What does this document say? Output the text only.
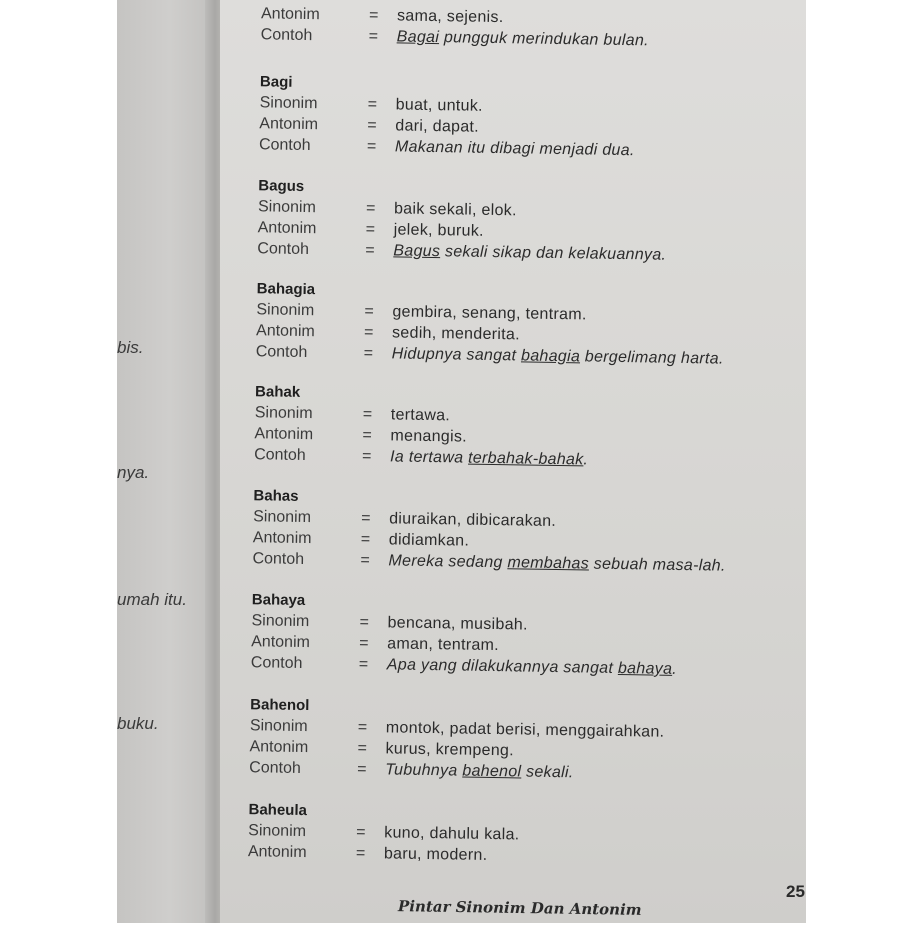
bis.
nya.
umah itu.
buku.
Antonim	= sama, sejenis.
Contoh	= Bagai pungguk merindukan bulan.
Bagi
Sinonim	= buat, untuk.
Antonim	= dari, dapat.
Contoh	= Makanan itu dibagi menjadi dua.
Bagus
Sinonim	= baik sekali, elok.
Antonim	= jelek, buruk.
Contoh	= Bagus sekali sikap dan kelakuannya.
Bahagia
Sinonim	= gembira, senang, tentram.
Antonim	= sedih, menderita.
Contoh	= Hidupnya sangat bahagia bergelimang harta.
Bahak
Sinonim	= tertawa.
Antonim	= menangis.
Contoh	= Ia tertawa terbahak-bahak.
Bahas
Sinonim	= diuraikan, dibicarakan.
Antonim	= didiamkan.
Contoh	= Mereka sedang membahas sebuah masa-lah.
Bahaya
Sinonim	= bencana, musibah.
Antonim	= aman, tentram.
Contoh	= Apa yang dilakukannya sangat bahaya.
Bahenol
Sinonim	= montok, padat berisi, menggairahkan.
Antonim	= kurus, krempeng.
Contoh	= Tubuhnya bahenol sekali.
Baheula
Sinonim	= kuno, dahulu kala.
Antonim	= baru, modern.
Pintar Sinonim Dan Antonim
25
